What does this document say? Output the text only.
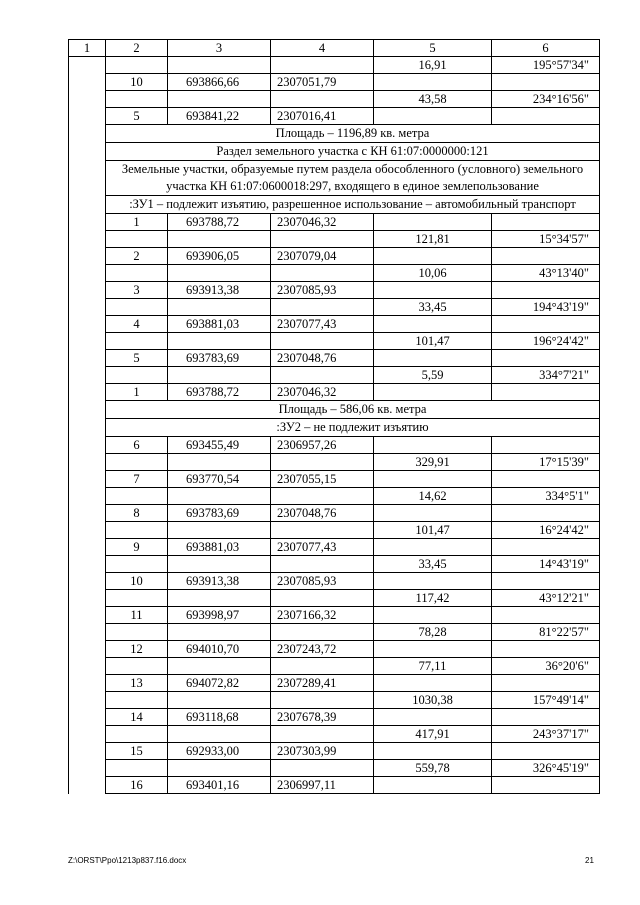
1	2	3	4	5	6
				16,91	195°57'34"
	10	693866,66	2307051,79		
				43,58	234°16'56"
	5	693841,22	2307016,41		
	Площадь – 1196,89 кв. метра				
	Раздел земельного участка с КН 61:07:0000000:121				
	Земельные участки, образуемые путем раздела обособленного (условного) земельного участка КН 61:07:0600018:297, входящего в единое землепользование				
	:ЗУ1 – подлежит изъятию, разрешенное использование – автомобильный транспорт				
	1	693788,72	2307046,32		
				121,81	15°34'57"
	2	693906,05	2307079,04		
				10,06	43°13'40"
	3	693913,38	2307085,93		
				33,45	194°43'19"
	4	693881,03	2307077,43		
				101,47	196°24'42"
	5	693783,69	2307048,76		
				5,59	334°7'21"
	1	693788,72	2307046,32		
	Площадь – 586,06 кв. метра				
	:ЗУ2 – не подлежит изъятию				
	6	693455,49	2306957,26		
				329,91	17°15'39"
	7	693770,54	2307055,15		
				14,62	334°5'1"
	8	693783,69	2307048,76		
				101,47	16°24'42"
	9	693881,03	2307077,43		
				33,45	14°43'19"
	10	693913,38	2307085,93		
				117,42	43°12'21"
	11	693998,97	2307166,32		
				78,28	81°22'57"
	12	694010,70	2307243,72		
				77,11	36°20'6"
	13	694072,82	2307289,41		
				1030,38	157°49'14"
	14	693118,68	2307678,39		
				417,91	243°37'17"
	15	692933,00	2307303,99		
				559,78	326°45'19"
	16	693401,16	2306997,11		
Z:\ORST\Ppo\1213p837.f16.docx	21
